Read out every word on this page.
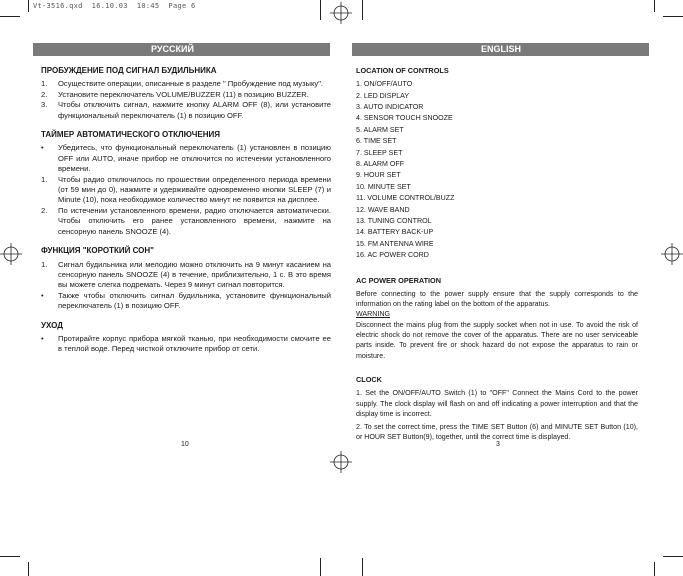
Vt-3516.qxd  16.10.03  10:45  Page 6
РУССКИЙ	ENGLISH
ПРОБУЖДЕНИЕ ПОД СИГНАЛ БУДИЛЬНИКА
1.	Осуществите операции, описанные в разделе " Пробуждение под музыку".
2.	Установите переключатель VOLUME/BUZZER (11) в позицию BUZZER.
3.	Чтобы отключить сигнал, нажмите кнопку ALARM OFF (8), или установите функциональный переключатель (1) в позицию OFF.
ТАЙМЕР АВТОМАТИЧЕСКОГО ОТКЛЮЧЕНИЯ
•	Убедитесь, что функциональный переключатель (1) установлен в позицию OFF или AUTO, иначе прибор не отключится по истечении установленного времени.
1.	Чтобы радио отключилось по прошествии определенного периода времени (от 59 мин до 0), нажмите и удерживайте одновременно кнопки SLEEP (7) и Minute (10), пока необходимое количество минут не появится на дисплее.
2.	По истечении установленного времени, радио отключается автоматически. Чтобы отключить его ранее установленного времени, нажмите на сенсорную панель SNOOZE (4).
ФУНКЦИЯ "КОРОТКИЙ СОН"
1.	Сигнал будильника или мелодию можно отключить на 9 минут касанием на сенсорную панель SNOOZE (4) в течение, приблизительно, 1 с. В это время вы можете слегка подремать. Через 9 минут сигнал повторится.
•	Также чтобы отключить сигнал будильника, установите функциональный переключатель (1) в позицию OFF.
УХОД
•	Протирайте корпус прибора мягкой тканью, при необходимости смочите ее в теплой воде. Перед чисткой отключите прибор от сети.
LOCATION OF CONTROLS
1. ON/OFF/AUTO
2. LED DISPLAY
3. AUTO INDICATOR
4. SENSOR TOUCH SNOOZE
5. ALARM SET
6. TIME SET
7. SLEEP SET
8. ALARM OFF
9. HOUR SET
10. MINUTE SET
11. VOLUME CONTROL/BUZZ
12. WAVE BAND
13. TUNING CONTROL
14. BATTERY BACK-UP
15. FM ANTENNA WIRE
16. AC POWER CORD
AC POWER OPERATION

Before connecting to the power supply ensure that the supply corresponds to the information on the rating label on the bottom of the apparatus.

WARNING

Disconnect the mains plug from the supply socket when not in use. To avoid the risk of electric shock do not remove the cover of the apparatus. There are no user serviceable parts inside. To prevent fire or shock hazard do not expose the apparatus to rain or moisture.

CLOCK

1. Set the ON/OFF/AUTO Switch (1) to "OFF" Connect the Mains Cord to the power supply. The clock display will flash on and off indicating a power interruption and that the display time is incorrect.

2. To set the correct time, press the TIME SET Button (6) and MINUTE SET Button (10), or HOUR SET Button(9), together, until the correct time is displayed.

10	3
